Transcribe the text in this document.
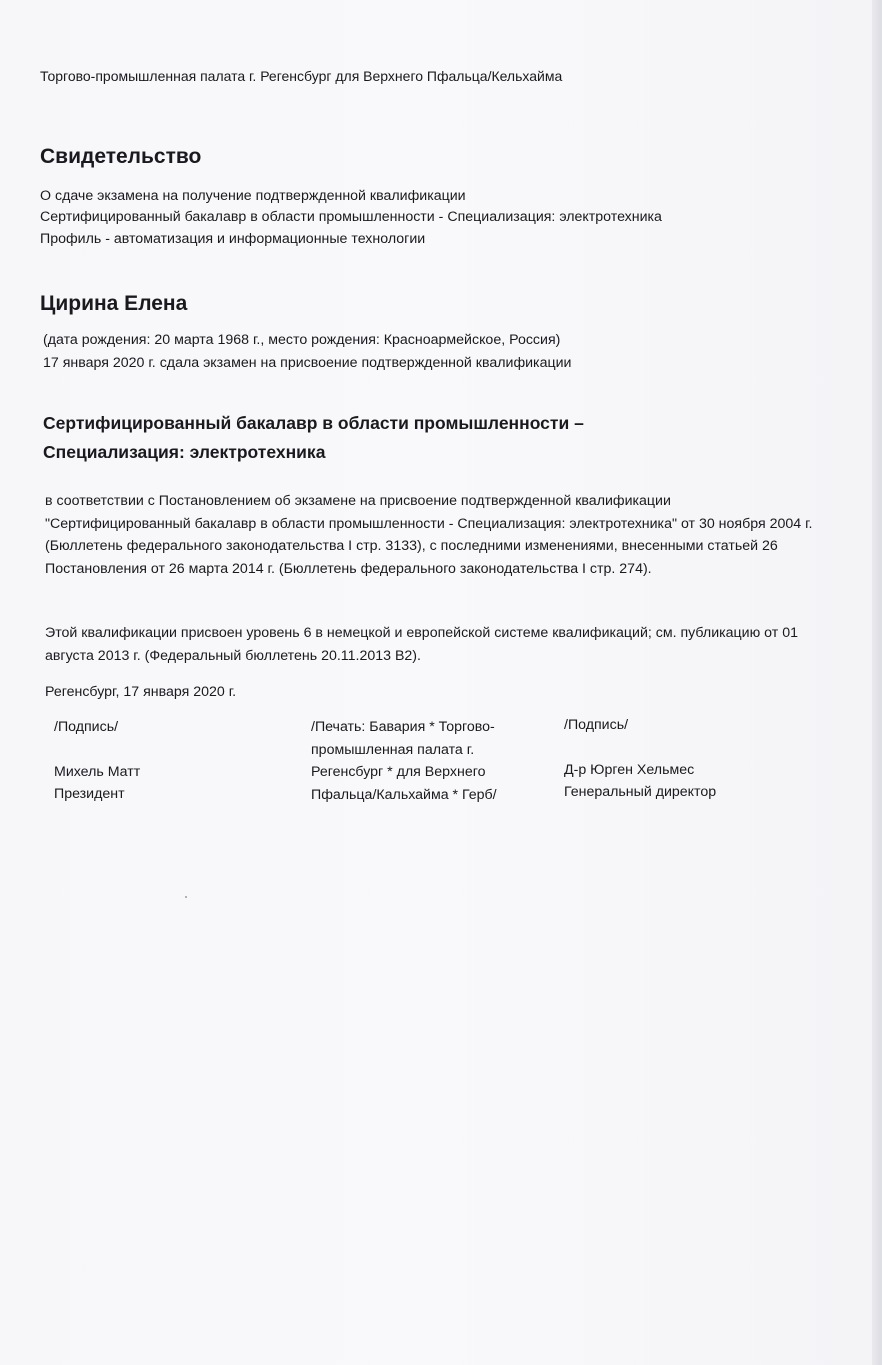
Торгово-промышленная палата г. Регенсбург для Верхнего Пфальца/Кельхайма
Свидетельство
О сдаче экзамена на получение подтвержденной квалификации
Сертифицированный бакалавр в области промышленности - Специализация: электротехника
Профиль - автоматизация и информационные технологии
Цирина Елена
(дата рождения: 20 марта 1968 г., место рождения: Красноармейское, Россия)
17 января 2020 г. сдала экзамен на присвоение подтвержденной квалификации
Сертифицированный бакалавр в области промышленности –
Специализация: электротехника
в соответствии с Постановлением об экзамене на присвоение подтвержденной квалификации "Сертифицированный бакалавр в области промышленности - Специализация: электротехника" от 30 ноября 2004 г. (Бюллетень федерального законодательства I стр. 3133), с последними изменениями, внесенными статьей 26 Постановления от 26 марта 2014 г. (Бюллетень федерального законодательства I стр. 274).
Этой квалификации присвоен уровень 6 в немецкой и европейской системе квалификаций; см. публикацию от 01 августа 2013 г. (Федеральный бюллетень 20.11.2013 B2).
Регенсбург, 17 января 2020 г.
/Подпись/
Михель Матт
Президент
/Печать: Бавария * Торгово-
промышленная палата г.
Регенсбург * для Верхнего
Пфальца/Кальхайма * Герб/
/Подпись/
Д-р Юрген Хельмес
Генеральный директор
